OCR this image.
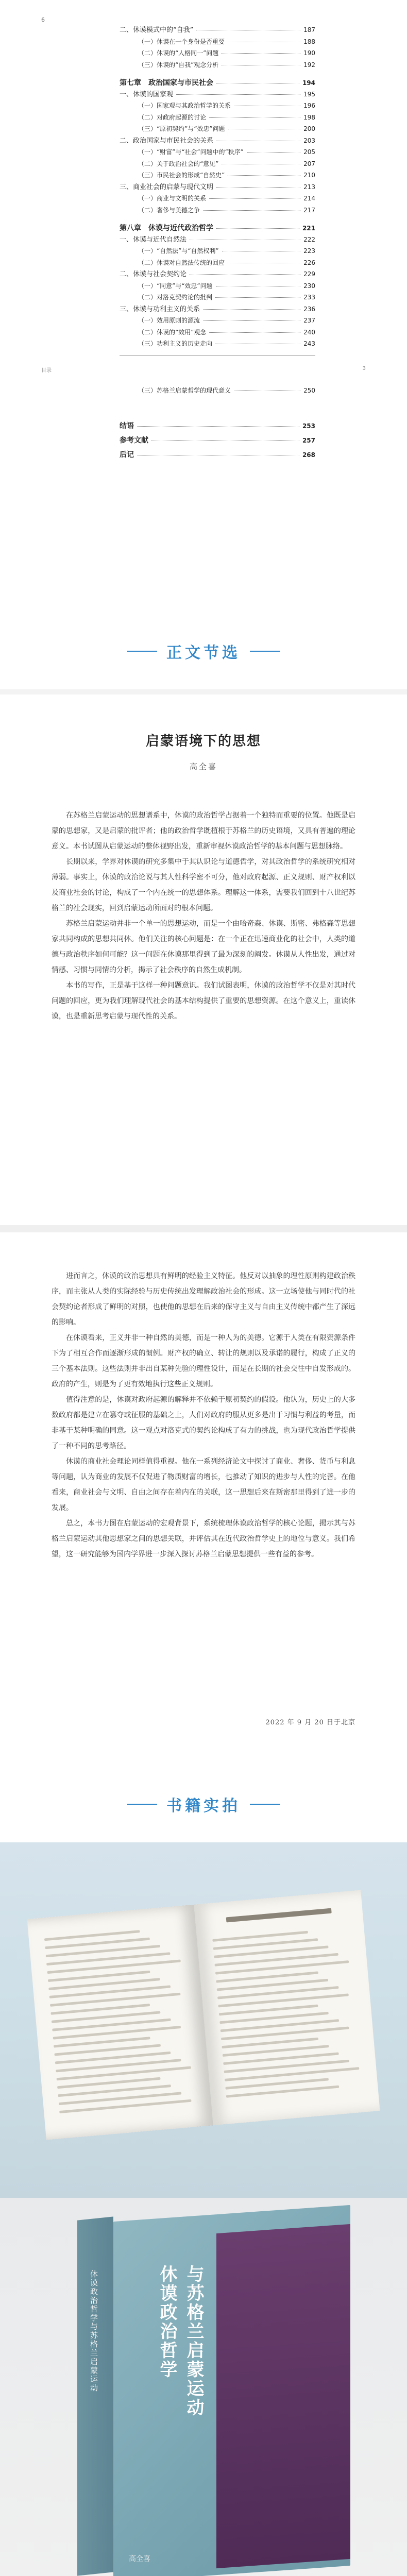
6
二、休谟模式中的“自我”	187
（一）休谟在一个身份是否重要	188
（二）休谟的“人格同一”问题	190
（三）休谟的“自我”观念分析	192
第七章　政治国家与市民社会	194
一、休谟的国家观	195
（一）国家观与其政治哲学的关系	196
（二）对政府起源的讨论	198
（三）“原初契约”与“效忠”问题	200
二、政治国家与市民社会的关系	203
（一）“财富”与“社会”问题中的“秩序”	205
（二）关于政治社会的“意见”	207
（三）市民社会的形成“自然史”	210
三、商业社会的启蒙与现代文明	213
（一）商业与文明的关系	214
（二）奢侈与美德之争	217
第八章　休谟与近代政治哲学	221
一、休谟与近代自然法	222
（一）“自然法”与“自然权利”	223
（二）休谟对自然法传统的回应	226
二、休谟与社会契约论	229
（一）“同意”与“效忠”问题	230
（二）对洛克契约论的批判	233
三、休谟与功利主义的关系	236
（一）效用原则的源流	237
（二）休谟的“效用”观念	240
（三）功利主义的历史走向	243
目录	3
（三）苏格兰启蒙哲学的现代意义	250
结语	253
参考文献	257
后记	268
正文节选
启蒙语境下的思想
高全喜

在苏格兰启蒙运动的思想谱系中，休谟的政治哲学占据着一个独特而重要的位置。他既是启蒙的思想家，又是启蒙的批评者；他的政治哲学既植根于苏格兰的历史语境，又具有普遍的理论意义。本书试图从启蒙运动的整体视野出发，重新审视休谟政治哲学的基本问题与思想脉络。

长期以来，学界对休谟的研究多集中于其认识论与道德哲学，对其政治哲学的系统研究相对薄弱。事实上，休谟的政治论说与其人性科学密不可分，他对政府起源、正义规则、财产权利以及商业社会的讨论，构成了一个内在统一的思想体系。理解这一体系，需要我们回到十八世纪苏格兰的社会现实，回到启蒙运动所面对的根本问题。

苏格兰启蒙运动并非一个单一的思想运动，而是一个由哈奇森、休谟、斯密、弗格森等思想家共同构成的思想共同体。他们关注的核心问题是：在一个正在迅速商业化的社会中，人类的道德与政治秩序如何可能？这一问题在休谟那里得到了最为深刻的阐发。休谟从人性出发，通过对情感、习惯与同情的分析，揭示了社会秩序的自然生成机制。

本书的写作，正是基于这样一种问题意识。我们试图表明，休谟的政治哲学不仅是对其时代问题的回应，更为我们理解现代社会的基本结构提供了重要的思想资源。在这个意义上，重读休谟，也是重新思考启蒙与现代性的关系。

进而言之，休谟的政治思想具有鲜明的经验主义特征。他反对以抽象的理性原则构建政治秩序，而主张从人类的实际经验与历史传统出发理解政治社会的形成。这一立场使他与同时代的社会契约论者形成了鲜明的对照，也使他的思想在后来的保守主义与自由主义传统中都产生了深远的影响。

在休谟看来，正义并非一种自然的美德，而是一种人为的美德。它源于人类在有限资源条件下为了相互合作而逐渐形成的惯例。财产权的确立、转让的规则以及承诺的履行，构成了正义的三个基本法则。这些法则并非出自某种先验的理性设计，而是在长期的社会交往中自发形成的。政府的产生，则是为了更有效地执行这些正义规则。

值得注意的是，休谟对政府起源的解释并不依赖于原初契约的假设。他认为，历史上的大多数政府都是建立在篡夺或征服的基础之上，人们对政府的服从更多是出于习惯与利益的考量，而非基于某种明确的同意。这一观点对洛克式的契约论构成了有力的挑战，也为现代政治哲学提供了一种不同的思考路径。

休谟的商业社会理论同样值得重视。他在一系列经济论文中探讨了商业、奢侈、货币与利息等问题，认为商业的发展不仅促进了物质财富的增长，也推动了知识的进步与人性的完善。在他看来，商业社会与文明、自由之间存在着内在的关联，这一思想后来在斯密那里得到了进一步的发展。

总之，本书力图在启蒙运动的宏观背景下，系统梳理休谟政治哲学的核心论题，揭示其与苏格兰启蒙运动其他思想家之间的思想关联，并评估其在近代政治哲学史上的地位与意义。我们希望，这一研究能够为国内学界进一步深入探讨苏格兰启蒙思想提供一些有益的参考。

2022 年 9 月 20 日于北京
书籍实拍
休谟政治哲学与苏格兰启蒙运动	休谟政治哲学 与苏格兰启蒙运动
高全喜
